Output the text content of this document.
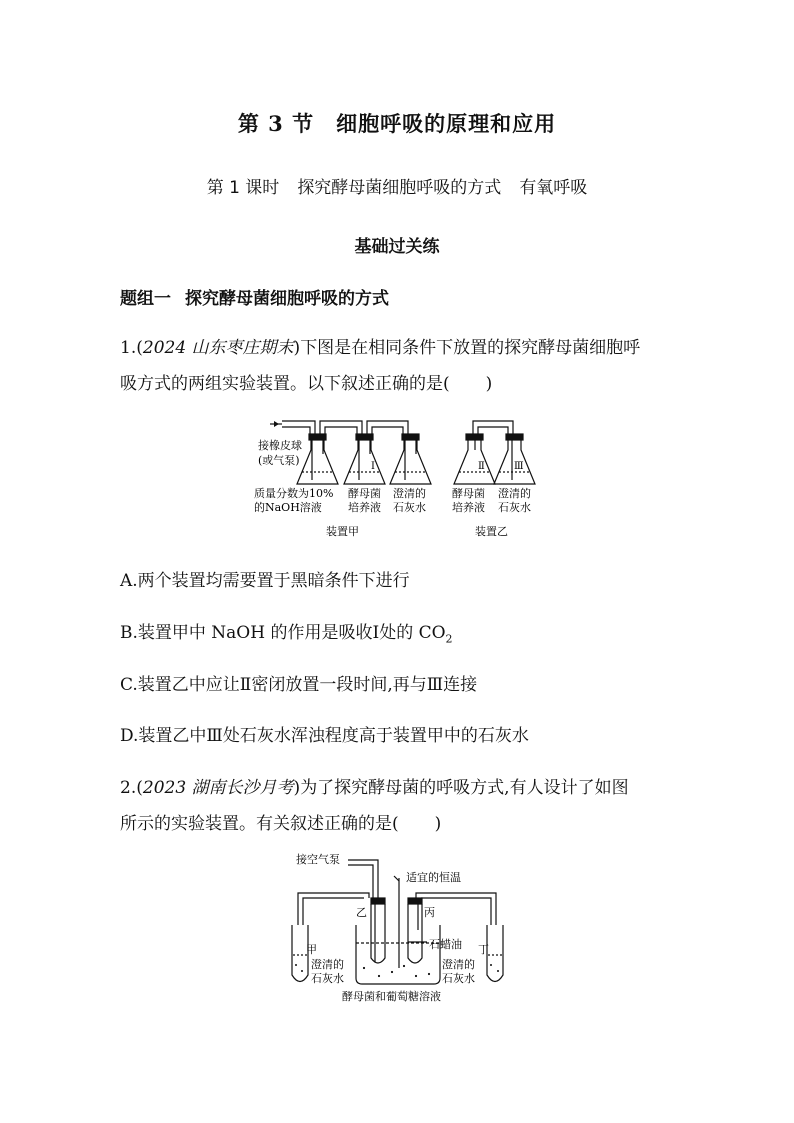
第 3 节 细胞呼吸的原理和应用
第 1 课时 探究酵母菌细胞呼吸的方式 有氧呼吸
基础过关练
题组一 探究酵母菌细胞呼吸的方式
1.(2024 山东枣庄期末)下图是在相同条件下放置的探究酵母菌细胞呼
吸方式的两组实验装置。以下叙述正确的是( )
接橡皮球
(或气泵)	Ⅰ	Ⅱ	Ⅲ
质量分数为10%
的NaOH溶液
酵母菌
培养液
澄清的
石灰水
酵母菌
培养液
澄清的
石灰水
装置甲	装置乙
A.两个装置均需要置于黑暗条件下进行
B.装置甲中 NaOH 的作用是吸收Ⅰ处的 $CO_2$
C.装置乙中应让Ⅱ密闭放置一段时间,再与Ⅲ连接
D.装置乙中Ⅲ处石灰水浑浊程度高于装置甲中的石灰水
2.(2023 湖南长沙月考)为了探究酵母菌的呼吸方式,有人设计了如图
所示的实验装置。有关叙述正确的是( )
接空气泵
适宜的恒温
乙	丙
石蜡油
甲	丁
澄清的
石灰水
澄清的
石灰水
酵母菌和葡萄糖溶液
